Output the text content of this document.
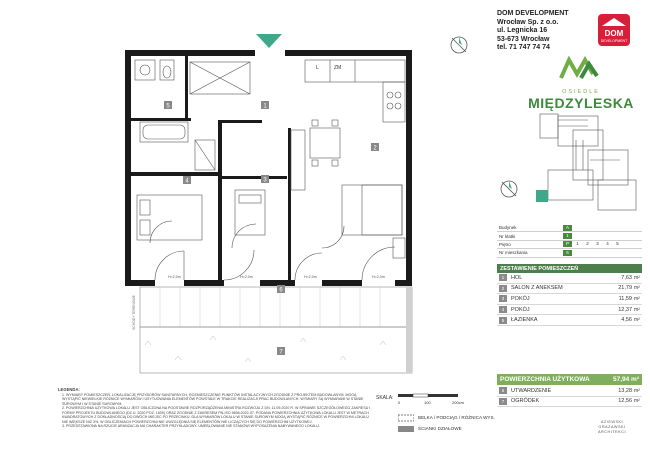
1
2
3
4
5
6
7
L	ZM
H=2,0m	H=2,0m	H=2,0m	H=2,0m
SCHODY TERENOWE
DOM DEVELOPMENT
Wrocław Sp. z o.o.
ul. Legnicka 16
53-673 Wrocław
tel. 71 747 74 74
DOM
DEVELOPMENT
OSIEDLE
MIĘDZYLESKA
Budynek	A
Nr klatki	1
Piętro	P	1	2	3	4	5
Nr mieszkania	6
ZESTAWIENIE POMIESZCZEŃ
1	HOL	7,63 m²
2	SALON Z ANEKSEM	21,79 m²
3	POKÓJ	11,59 m²
4	POKÓJ	12,37 m²
5	ŁAZIENKA	4,56 m²
POWIERZCHNIA UŻYTKOWA	57,94 m²
6	UTWARDZENIE	13,28 m²
7	OGRÓDEK	12,56 m²
LEGENDA:
1. WYMIARY POMIESZCZEŃ, LOKALIZACJĘ PRZYBORÓW SANITARNYCH, ROZMIESZCZENIE PUNKTÓW INSTALACYJNYCH ZGODNIE Z PROJEKTEM BUDOWLANYM. MOGĄ WYSTĄPIĆ NIEWIELKIE RÓŻNICE WYMIARÓW I USYTUOWANIA ELEMENTÓW POWSTAŁE W TRAKCIE REALIZACJI PRAC BUDOWLANYCH. WYMIARY SĄ WYMIARAMI W STANIE SUROWYM I W STANIE SUROWYM.
2. POWIERZCHNIA UŻYTKOWA LOKALU JEST OBLICZONA NA PODSTAWIE ROZPORZĄDZENIA MINISTRA ROZWOJU Z DN. 11.09.2020 R. W SPRAWIE SZCZEGÓŁOWEGO ZAKRESU I FORMY PROJEKTU BUDOWLANEGO (DZ.U. 2020 POZ. 1609) ORAZ ZGODNIE Z ZAKRESEM PN-ISO 9836:2022-07. PODANA POWIERZCHNIA UŻYTKOWA LOKALU JEST W METRACH KWADRATOWYCH Z DOKŁADNOŚCIĄ DO DWÓCH MIEJSC PO PRZECINKU. DLA WYMIARÓW LOKALU W STANIE SUROWYM MOGĄ WYSTĄPIĆ RÓŻNICE W POWIERZCHNI LOKALU NIE WIĘKSZE NIŻ 3%. W OBLICZENIACH POWIERZCHNI NIE UWZGLĘDNIA SIĘ ELEMENTÓW NIE LICZĄCYCH SIĘ DO POWIERZCHNI UŻYTKOWEJ.
3. PRZEDSTAWIONA NA RZUCIE ARANŻACJA MA CHARAKTER PRZYKŁADOWY. UMEBLOWANIE NIE STANOWI WYPOSAŻENIA NABYWANEGO LOKALU.
SKALA:
0	100	200cm
BELKA / PODCIĄG / RÓŻNICA WYS.
ŚCIANKI DZIAŁOWE
AZIEWSKI
GRAŻAWSKI
ARCHITEKCI
